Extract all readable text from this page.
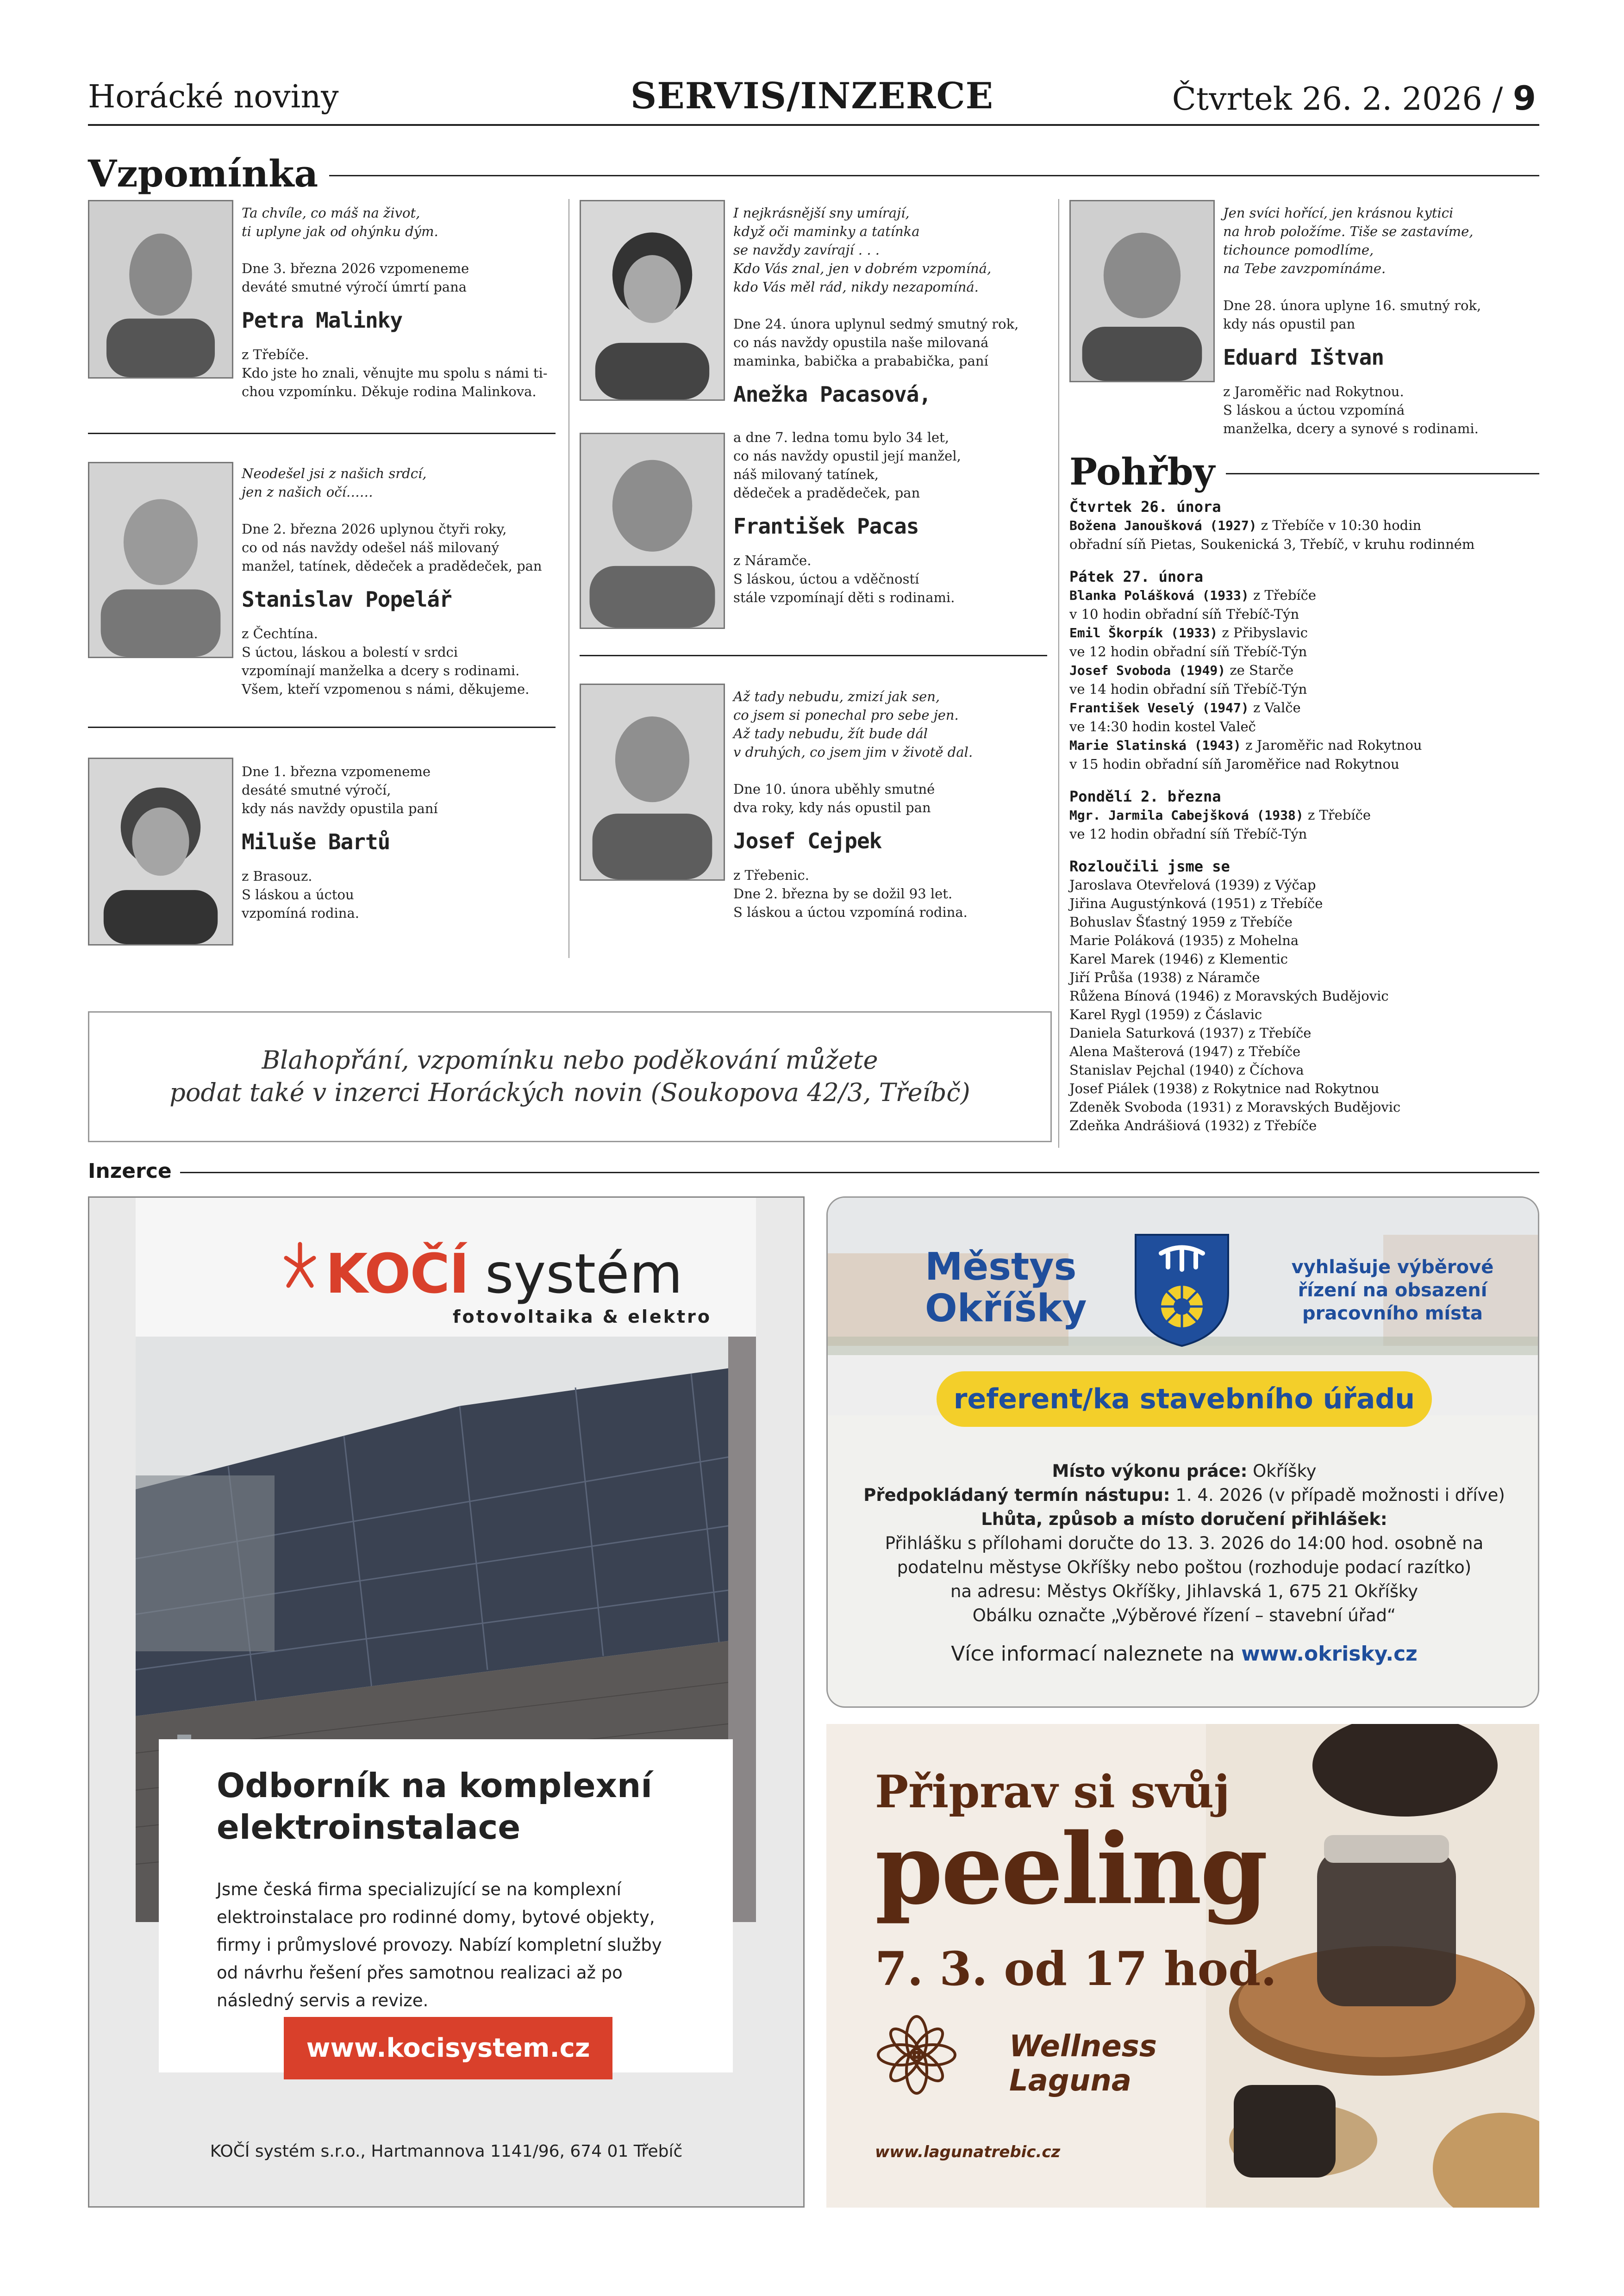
Horácké noviny	SERVIS/INZERCE	Čtvrtek 26. 2. 2026 / 9
Vzpomínka
Ta chvíle, co máš na život,
ti uplyne jak od ohýnku dým.

Dne 3. března 2026 vzpomeneme
deváté smutné výročí úmrtí pana

Petra Malinky

z Třebíče.

Kdo jste ho znali, věnujte mu spolu s námi ti-
chou vzpomínku. Děkuje rodina Malinkova.

Neodešel jsi z našich srdcí,
jen z našich očí……

Dne 2. března 2026 uplynou čtyři roky,
co od nás navždy odešel náš milovaný
manžel, tatínek, dědeček a pradědeček, pan

Stanislav Popelář

z Čechtína.

S úctou, láskou a bolestí v srdci
vzpomínají manželka a dcery s rodinami.
Všem, kteří vzpomenou s námi, děkujeme.

Dne 1. března vzpomeneme
desáté smutné výročí,
kdy nás navždy opustila paní

Miluše Bartů

z Brasouz.

S láskou a úctou
vzpomíná rodina.

I nejkrásnější sny umírají,
když oči maminky a tatínka
se navždy zavírají . . .
Kdo Vás znal, jen v dobrém vzpomíná,
kdo Vás měl rád, nikdy nezapomíná.

Dne 24. února uplynul sedmý smutný rok,
co nás navždy opustila naše milovaná
maminka, babička a prababička, paní

Anežka Pacasová,

a dne 7. ledna tomu bylo 34 let,
co nás navždy opustil její manžel,
náš milovaný tatínek,
dědeček a pradědeček, pan

František Pacas

z Náramče.

S láskou, úctou a vděčností
stále vzpomínají děti s rodinami.

Až tady nebudu, zmizí jak sen,
co jsem si ponechal pro sebe jen.
Až tady nebudu, žít bude dál
v druhých, co jsem jim v životě dal.

Dne 10. února uběhly smutné
dva roky, kdy nás opustil pan

Josef Cejpek

z Třebenic.

Dne 2. března by se dožil 93 let.
S láskou a úctou vzpomíná rodina.

Jen svíci hořící, jen krásnou kytici
na hrob položíme. Tiše se zastavíme,
tichounce pomodlíme,
na Tebe zavzpomínáme.

Dne 28. února uplyne 16. smutný rok,
kdy nás opustil pan

Eduard Ištvan

z Jaroměřic nad Rokytnou.
S láskou a úctou vzpomíná
manželka, dcery a synové s rodinami.

Pohřby
Čtvrtek 26. února
Božena Janoušková (1927) z Třebíče v 10:30 hodin
obřadní síň Pietas, Soukenická 3, Třebíč, v kruhu rodinném
Pátek 27. února
Blanka Polášková (1933) z Třebíče
v 10 hodin obřadní síň Třebíč-Týn
Emil Škorpík (1933) z Přibyslavic
ve 12 hodin obřadní síň Třebíč-Týn
Josef Svoboda (1949) ze Starče
ve 14 hodin obřadní síň Třebíč-Týn
František Veselý (1947) z Valče
ve 14:30 hodin kostel Valeč
Marie Slatinská (1943) z Jaroměřic nad Rokytnou
v 15 hodin obřadní síň Jaroměřice nad Rokytnou
Pondělí 2. března
Mgr. Jarmila Cabejšková (1938) z Třebíče
ve 12 hodin obřadní síň Třebíč-Týn
Rozloučili jsme se
Jaroslava Otevřelová (1939) z Výčap
Jiřina Augustýnková (1951) z Třebíče
Bohuslav Šťastný 1959 z Třebíče
Marie Poláková (1935) z Mohelna
Karel Marek (1946) z Klementic
Jiří Průša (1938) z Náramče
Růžena Bínová (1946) z Moravských Budějovic
Karel Rygl (1959) z Čáslavic
Daniela Saturková (1937) z Třebíče
Alena Mašterová (1947) z Třebíče
Stanislav Pejchal (1940) z Číchova
Josef Piálek (1938) z Rokytnice nad Rokytnou
Zdeněk Svoboda (1931) z Moravských Budějovic
Zdeňka Andrášiová (1932) z Třebíče
Blahopřání, vzpomínku nebo poděkování můžete
podat také v inzerci Horáckých novin (Soukopova 42/3, Třeíbč)
Inzerce
KOČÍ systém
fotovoltaika & elektro
Odborník na komplexní
elektroinstalace
Jsme česká firma specializující se na komplexní
elektroinstalace pro rodinné domy, bytové objekty,
firmy i průmyslové provozy. Nabízí kompletní služby
od návrhu řešení přes samotnou realizaci až po
následný servis a revize.
www.kocisystem.cz
KOČÍ systém s.r.o., Hartmannova 1141/96, 674 01 Třebíč
Městys
Okříšky
vyhlašuje výběrové
řízení na obsazení
pracovního místa
referent/ka stavebního úřadu
Místo výkonu práce: Okříšky
Předpokládaný termín nástupu: 1. 4. 2026 (v případě možnosti i dříve)
Lhůta, způsob a místo doručení přihlášek:
Přihlášku s přílohami doručte do 13. 3. 2026 do 14:00 hod. osobně na
podatelnu městyse Okříšky nebo poštou (rozhoduje podací razítko)
na adresu: Městys Okříšky, Jihlavská 1, 675 21 Okříšky
Obálku označte „Výběrové řízení – stavební úřad“
Více informací naleznete na www.okrisky.cz
Připrav si svůj
peeling
7. 3. od 17 hod.
Wellness
Laguna
www.lagunatrebic.cz
